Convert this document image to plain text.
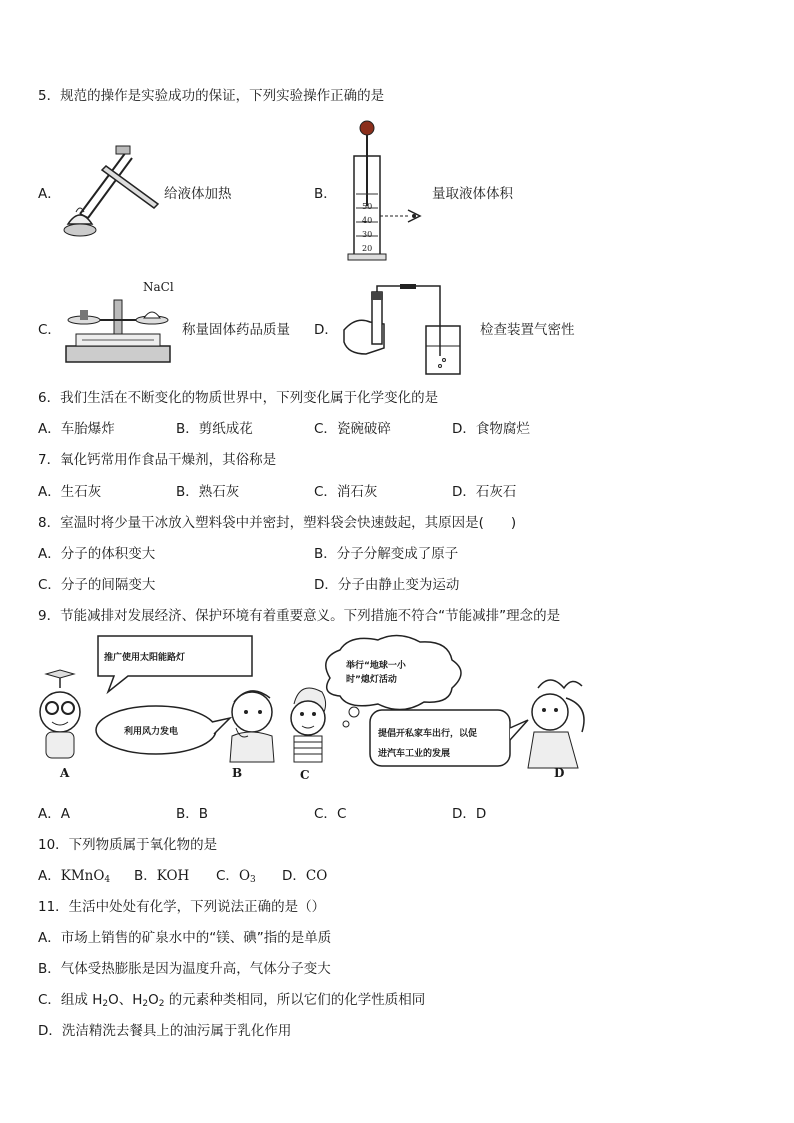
5．规范的操作是实验成功的保证，下列实验操作正确的是
A．	给液体加热	B．
50
40
30
20
量取液体体积
C．
NaCl
称量固体药品质量 D．	检查装置气密性
6．我们生活在不断变化的物质世界中，下列变化属于化学变化的是
A．车胎爆炸	B．剪纸成花	C．瓷碗破碎	D．食物腐烂
7．氧化钙常用作食品干燥剂，其俗称是
A．生石灰	B．熟石灰	C．消石灰	D．石灰石
8．室温时将少量干冰放入塑料袋中并密封，塑料袋会快速鼓起，其原因是(　　)
A．分子的体积变大	B．分子分解变成了原子
C．分子的间隔变大	D．分子由静止变为运动
9．节能减排对发展经济、保护环境有着重要意义。下列措施不符合“节能减排”理念的是
推广使用太阳能路灯
利用风力发电
举行“地球一小
时”熄灯活动
提倡开私家车出行，以促
进汽车工业的发展
A	B	C	D
A．A	B．B	C．C	D．D
10．下列物质属于氧化物的是
A．KMnO$_4$ B．KOH C．$O_3$ D．CO
11．生活中处处有化学，下列说法正确的是（）
A．市场上销售的矿泉水中的“镁、碘”指的是单质
B．气体受热膨胀是因为温度升高，气体分子变大
C．组成 $H_2O$、$H_2O_2$ 的元素种类相同，所以它们的化学性质相同
D．洗洁精洗去餐具上的油污属于乳化作用
